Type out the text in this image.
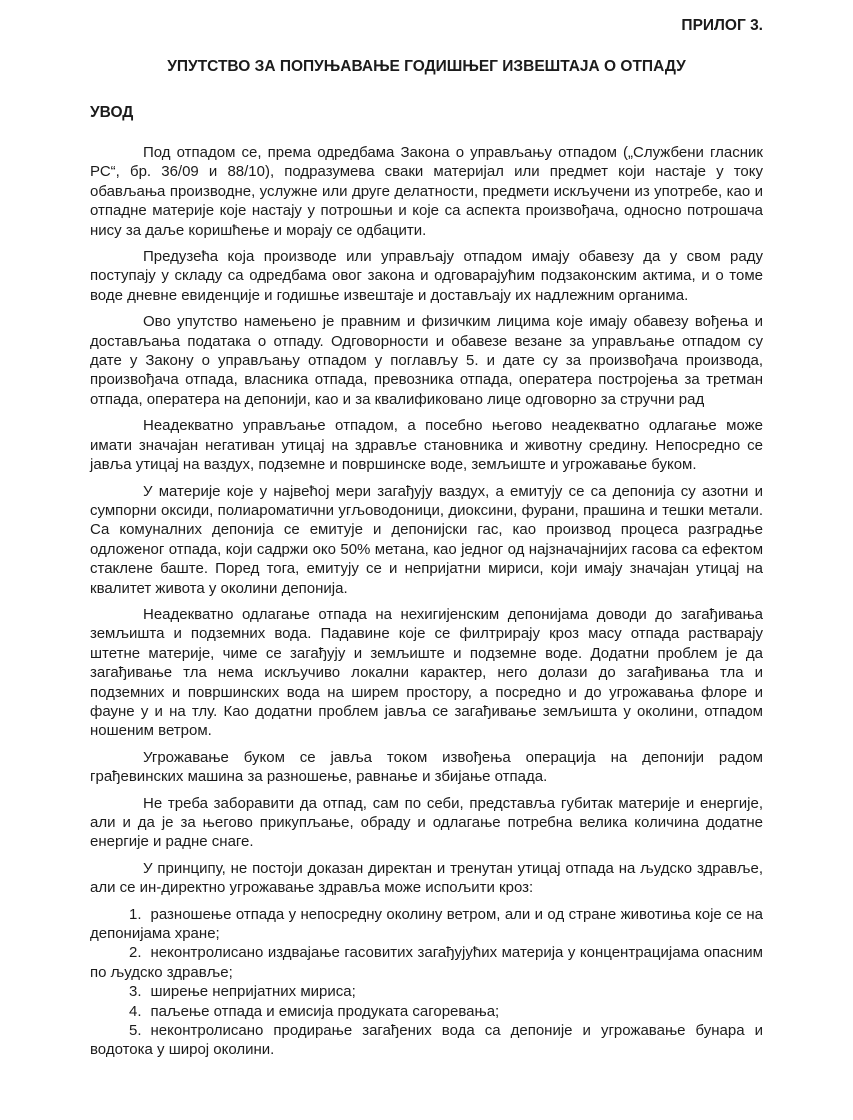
ПРИЛОГ 3.
УПУТСТВО ЗА ПОПУЊАВАЊЕ ГОДИШЊЕГ ИЗВЕШТАЈА О ОТПАДУ
УВОД

Под отпадом се, према одредбама Закона о управљању отпадом („Службени гласник РС“, бр. 36/09 и 88/10), подразумева сваки материјал или предмет који настаје у току обављања производне, услужне или друге делатности, предмети искључени из употребе, као и отпадне материје које настају у потрошњи и које са аспекта произвођача, односно потрошача нису за даље коришћење и морају се одбацити.

Предузећа која производе или управљају отпадом имају обавезу да у свом раду поступају у складу са одредбама овог закона и одговарајућим подзаконским актима, и о томе воде дневне евиденције и годишње извештаје и достављају их надлежним органима.

Ово упутство намењено је правним и физичким лицима које имају обавезу вођења и достављања података о отпаду. Одговорности и обавезе везане за управљање отпадом су дате у Закону о управљању отпадом у поглављу 5. и дате су за произвођача производа, произвођача отпада, власника отпада, превозника отпада, оператера постројења за третман отпада, оператера на депонији, као и за квалификовано лице одговорно за стручни рад

Неадекватно управљање отпадом, а посебно његово неадекватно одлагање може имати значајан негативан утицај на здравље становника и животну средину. Непосредно се јавља утицај на ваздух, подземне и површинске воде, земљиште и угрожавање буком.

У материје које у највећој мери загађују ваздух, а емитују се са депонија су азотни и сумпорни оксиди, полиароматични угљоводоници, диоксини, фурани, прашина и тешки метали. Са комуналних депонија се емитује и депонијски гас, као производ процеса разградње одложеног отпада, који садржи око 50% метана, као једног од најзначајнијих гасова са ефектом стаклене баште. Поред тога, емитују се и непријатни мириси, који имају значајан утицај на квалитет живота у околини депонија.

Неадекватно одлагање отпада на нехигијенским депонијама доводи до загађивања земљишта и подземних вода. Падавине које се филтрирају кроз масу отпада растварају штетне материје, чиме се загађују и земљиште и подземне воде. Додатни проблем је да загађивање тла нема искључиво локални карактер, него долази до загађивања тла и подземних и површинских вода на ширем простору, а посредно и до угрожавања флоре и фауне у и на тлу. Као додатни проблем јавља се загађивање земљишта у околини, отпадом ношеним ветром.

Угрожавање буком се јавља током извођења операција на депонији радом грађевинских машина за разношење, равнање и збијање отпада.

Не треба заборавити да отпад, сам по себи, представља губитак материје и енергије, али и да је за његово прикупљање, обраду и одлагање потребна велика количина додатне енергије и радне снаге.

У принципу, не постоји доказан директан и тренутан утицај отпада на људско здравље, али се ин-директно угрожавање здравља може испољити кроз:

1. разношење отпада у непосредну околину ветром, али и од стране животиња које се на депонијама хране;

2. неконтролисано издвајање гасовитих загађујућих материја у концентрацијама опасним по људско здравље;

3. ширење непријатних мириса;

4. паљење отпада и емисија продуката сагоревања;

5. неконтролисано продирање загађених вода са депоније и угрожавање бунара и водотока у широј околини.
